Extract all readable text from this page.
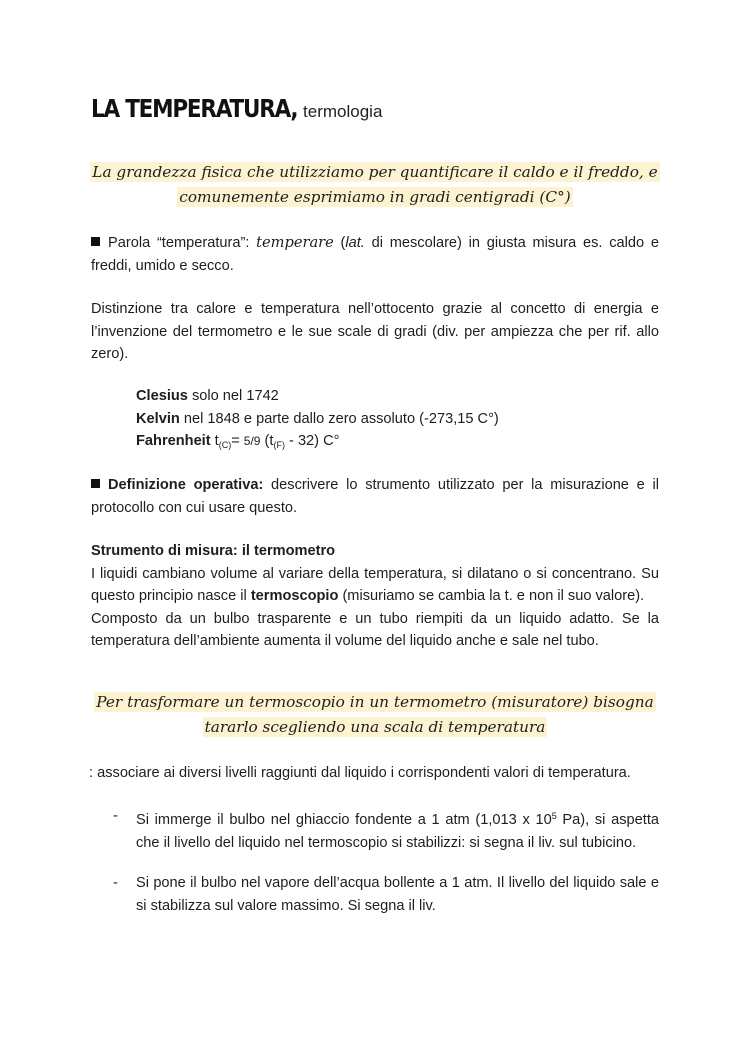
LA TEMPERATURA, termologia
La grandezza fisica che utilizziamo per quantificare il caldo e il freddo, e
comunemente esprimiamo in gradi centigradi (C°)
Parola “temperatura”: temperare (lat. di mescolare) in giusta misura es. caldo e freddi, umido e secco.
Distinzione tra calore e temperatura nell’ottocento grazie al concetto di energia e l’invenzione del termometro e le sue scale di gradi (div. per ampiezza che per rif. allo zero).
Clesius solo nel 1742
Kelvin nel 1848 e parte dallo zero assoluto (-273,15 C°)
Fahrenheit $t_{(C)}= 5/9$ $(t_{(F)} - 32)$ C°
Definizione operativa: descrivere lo strumento utilizzato per la misurazione e il protocollo con cui usare questo.
Strumento di misura: il termometro
I liquidi cambiano volume al variare della temperatura, si dilatano o si concentrano. Su questo principio nasce il termoscopio (misuriamo se cambia la t. e non il suo valore).
Composto da un bulbo trasparente e un tubo riempiti da un liquido adatto. Se la temperatura dell’ambiente aumenta il volume del liquido anche e sale nel tubo.
Per trasformare un termoscopio in un termometro (misuratore) bisogna
tararlo scegliendo una scala di temperatura
: associare ai diversi livelli raggiunti dal liquido i corrispondenti valori di temperatura.
- Si immerge il bulbo nel ghiaccio fondente a 1 atm (1,013 x $10^5$ Pa), si aspetta che il livello del liquido nel termoscopio si stabilizzi: si segna il liv. sul tubicino.
- Si pone il bulbo nel vapore dell’acqua bollente a 1 atm. Il livello del liquido sale e si stabilizza sul valore massimo. Si segna il liv.
